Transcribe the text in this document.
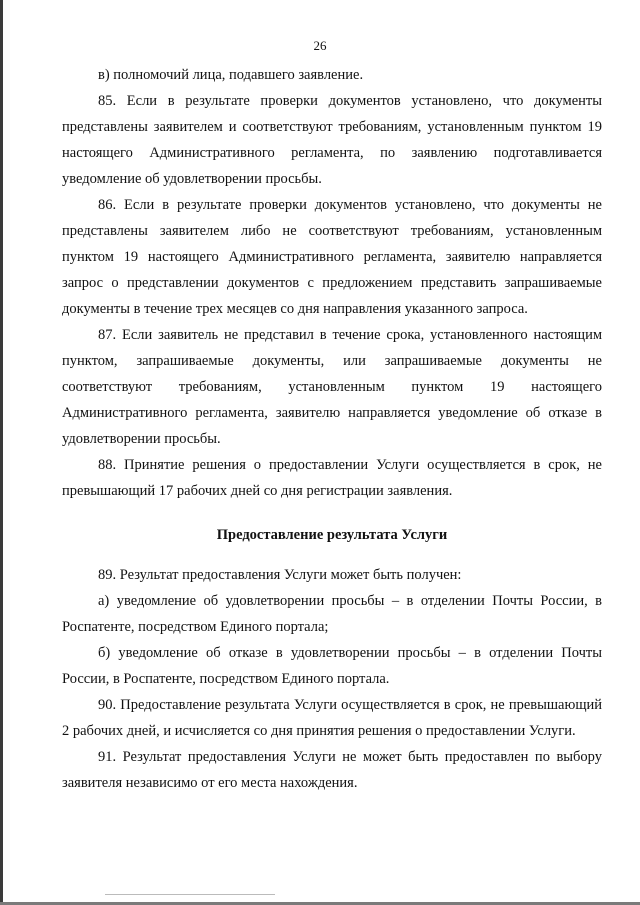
26

в) полномочий лица, подавшего заявление.

85. Если в результате проверки документов установлено, что документы представлены заявителем и соответствуют требованиям, установленным пунктом 19 настоящего Административного регламента, по заявлению подготавливается уведомление об удовлетворении просьбы.

86. Если в результате проверки документов установлено, что документы не представлены заявителем либо не соответствуют требованиям, установленным пунктом 19 настоящего Административного регламента, заявителю направляется запрос о представлении документов с предложением представить запрашиваемые документы в течение трех месяцев со дня направления указанного запроса.

87. Если заявитель не представил в течение срока, установленного настоящим пунктом, запрашиваемые документы, или запрашиваемые документы не соответствуют требованиям, установленным пунктом 19 настоящего Административного регламента, заявителю направляется уведомление об отказе в удовлетворении просьбы.

88. Принятие решения о предоставлении Услуги осуществляется в срок, не превышающий 17 рабочих дней со дня регистрации заявления.

Предоставление результата Услуги

89. Результат предоставления Услуги может быть получен:

а) уведомление об удовлетворении просьбы – в отделении Почты России, в Роспатенте, посредством Единого портала;

б) уведомление об отказе в удовлетворении просьбы – в отделении Почты России, в Роспатенте, посредством Единого портала.

90. Предоставление результата Услуги осуществляется в срок, не превышающий 2 рабочих дней, и исчисляется со дня принятия решения о предоставлении Услуги.

91. Результат предоставления Услуги не может быть предоставлен по выбору заявителя независимо от его места нахождения.
